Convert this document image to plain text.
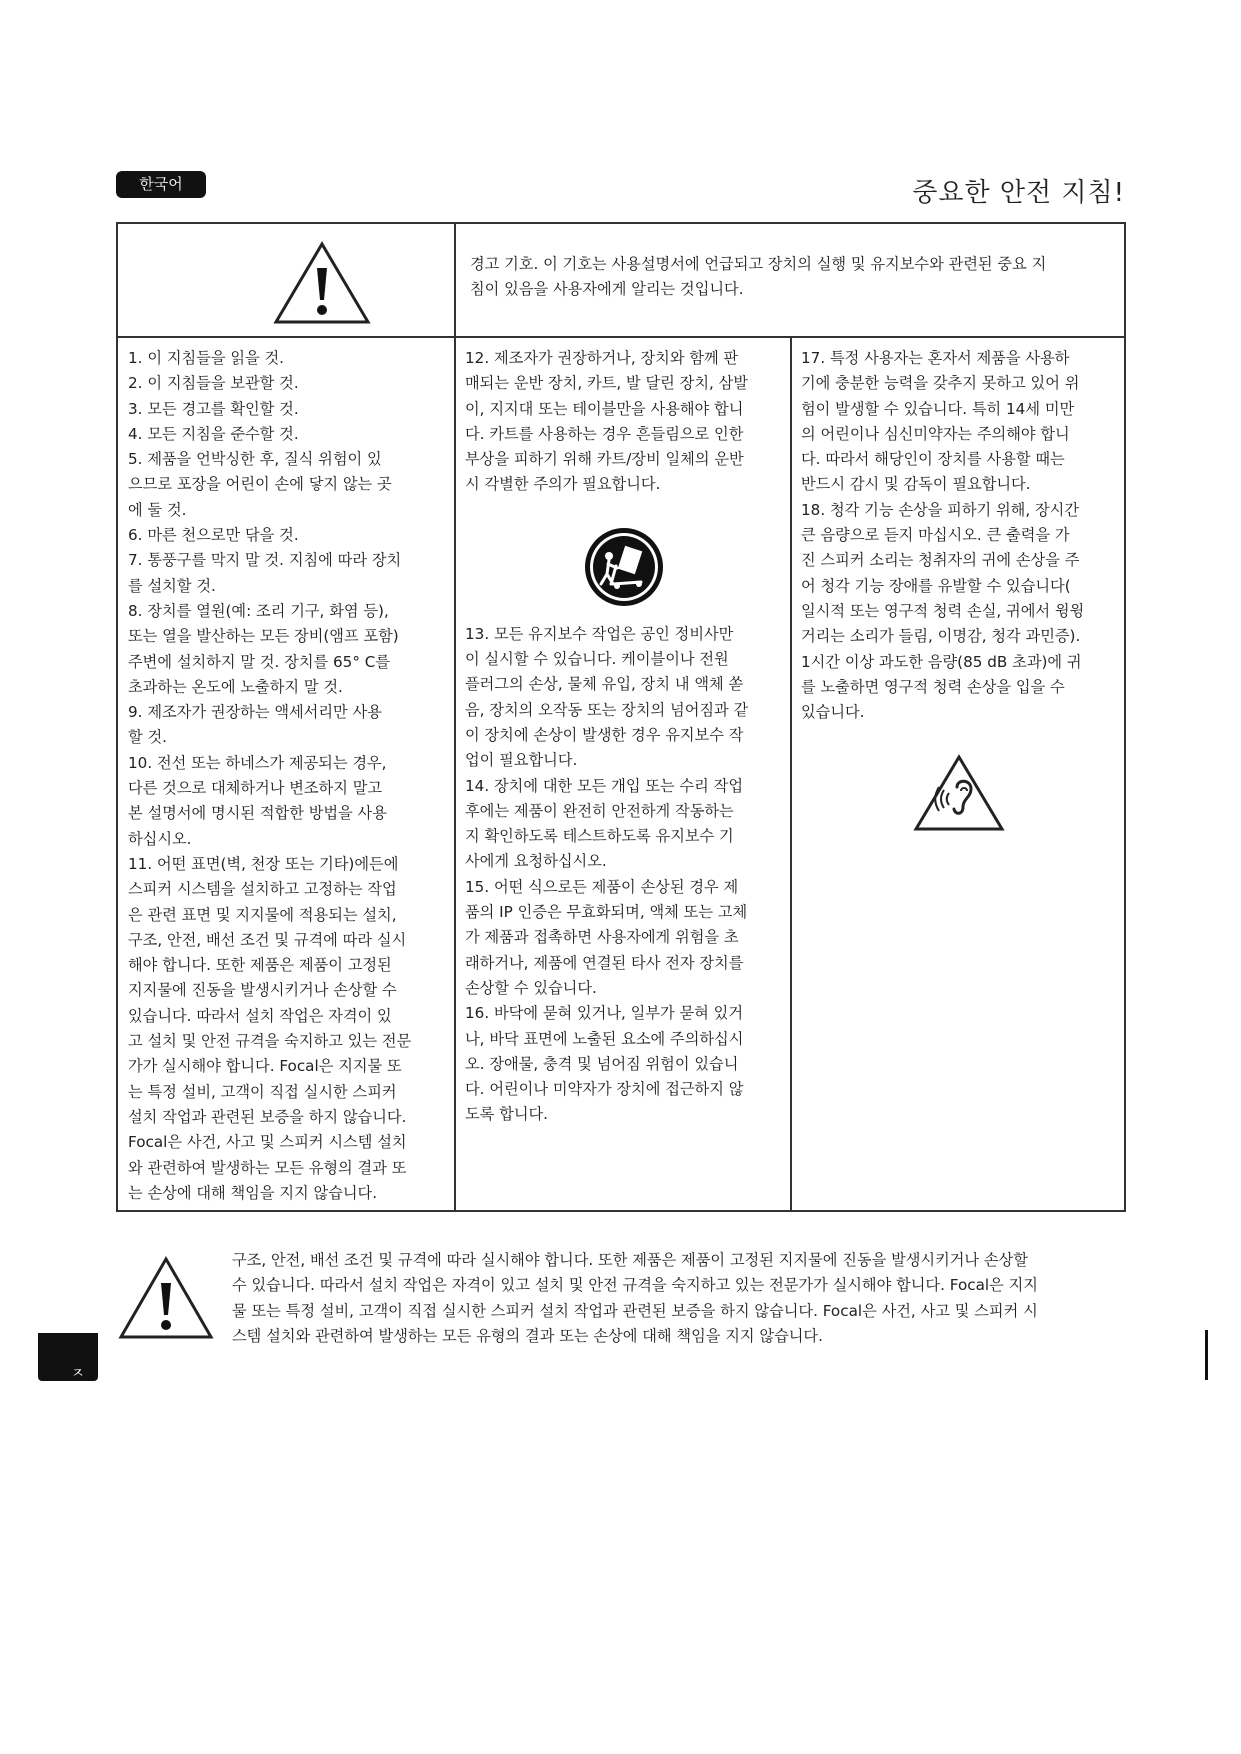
한국어	중요한 안전 지침!
경고 기호. 이 기호는 사용설명서에 언급되고 장치의 실행 및 유지보수와 관련된 중요 지
침이 있음을 사용자에게 알리는 것입니다.
1. 이 지침들을 읽을 것.
2. 이 지침들을 보관할 것.
3. 모든 경고를 확인할 것.
4. 모든 지침을 준수할 것.
5. 제품을 언박싱한 후, 질식 위험이 있
으므로 포장을 어린이 손에 닿지 않는 곳
에 둘 것.
6. 마른 천으로만 닦을 것.
7. 통풍구를 막지 말 것. 지침에 따라 장치
를 설치할 것.
8. 장치를 열원(예: 조리 기구, 화염 등),
또는 열을 발산하는 모든 장비(앰프 포함)
주변에 설치하지 말 것. 장치를 65° C를
초과하는 온도에 노출하지 말 것.
9. 제조자가 권장하는 액세서리만 사용
할 것.
10. 전선 또는 하네스가 제공되는 경우,
다른 것으로 대체하거나 변조하지 말고
본 설명서에 명시된 적합한 방법을 사용
하십시오.
11. 어떤 표면(벽, 천장 또는 기타)에든에
스피커 시스템을 설치하고 고정하는 작업
은 관련 표면 및 지지물에 적용되는 설치,
구조, 안전, 배선 조건 및 규격에 따라 실시
해야 합니다. 또한 제품은 제품이 고정된
지지물에 진동을 발생시키거나 손상할 수
있습니다. 따라서 설치 작업은 자격이 있
고 설치 및 안전 규격을 숙지하고 있는 전문
가가 실시해야 합니다. Focal은 지지물 또
는 특정 설비, 고객이 직접 실시한 스피커
설치 작업과 관련된 보증을 하지 않습니다.
Focal은 사건, 사고 및 스피커 시스템 설치
와 관련하여 발생하는 모든 유형의 결과 또
는 손상에 대해 책임을 지지 않습니다.
12. 제조자가 권장하거나, 장치와 함께 판
매되는 운반 장치, 카트, 발 달린 장치, 삼발
이, 지지대 또는 테이블만을 사용해야 합니
다. 카트를 사용하는 경우 흔들림으로 인한
부상을 피하기 위해 카트/장비 일체의 운반
시 각별한 주의가 필요합니다.
13. 모든 유지보수 작업은 공인 정비사만
이 실시할 수 있습니다. 케이블이나 전원
플러그의 손상, 물체 유입, 장치 내 액체 쏟
음, 장치의 오작동 또는 장치의 넘어짐과 같
이 장치에 손상이 발생한 경우 유지보수 작
업이 필요합니다.
14. 장치에 대한 모든 개입 또는 수리 작업
후에는 제품이 완전히 안전하게 작동하는
지 확인하도록 테스트하도록 유지보수 기
사에게 요청하십시오.
15. 어떤 식으로든 제품이 손상된 경우 제
품의 IP 인증은 무효화되며, 액체 또는 고체
가 제품과 접촉하면 사용자에게 위험을 초
래하거나, 제품에 연결된 타사 전자 장치를
손상할 수 있습니다.
16. 바닥에 묻혀 있거나, 일부가 묻혀 있거
나, 바닥 표면에 노출된 요소에 주의하십시
오. 장애물, 충격 및 넘어짐 위험이 있습니
다. 어린이나 미약자가 장치에 접근하지 않
도록 합니다.
17. 특정 사용자는 혼자서 제품을 사용하
기에 충분한 능력을 갖추지 못하고 있어 위
험이 발생할 수 있습니다. 특히 14세 미만
의 어린이나 심신미약자는 주의해야 합니
다. 따라서 해당인이 장치를 사용할 때는
반드시 감시 및 감독이 필요합니다.
18. 청각 기능 손상을 피하기 위해, 장시간
큰 음량으로 듣지 마십시오. 큰 출력을 가
진 스피커 소리는 청취자의 귀에 손상을 주
어 청각 기능 장애를 유발할 수 있습니다(
일시적 또는 영구적 청력 손실, 귀에서 윙윙
거리는 소리가 들림, 이명감, 청각 과민증).
1시간 이상 과도한 음량(85 dB 초과)에 귀
를 노출하면 영구적 청력 손상을 입을 수
있습니다.
구조, 안전, 배선 조건 및 규격에 따라 실시해야 합니다. 또한 제품은 제품이 고정된 지지물에 진동을 발생시키거나 손상할
수 있습니다. 따라서 설치 작업은 자격이 있고 설치 및 안전 규격을 숙지하고 있는 전문가가 실시해야 합니다. Focal은 지지
물 또는 특정 설비, 고객이 직접 실시한 스피커 설치 작업과 관련된 보증을 하지 않습니다. Focal은 사건, 사고 및 스피커 시
스템 설치와 관련하여 발생하는 모든 유형의 결과 또는 손상에 대해 책임을 지지 않습니다.
ㅈ
